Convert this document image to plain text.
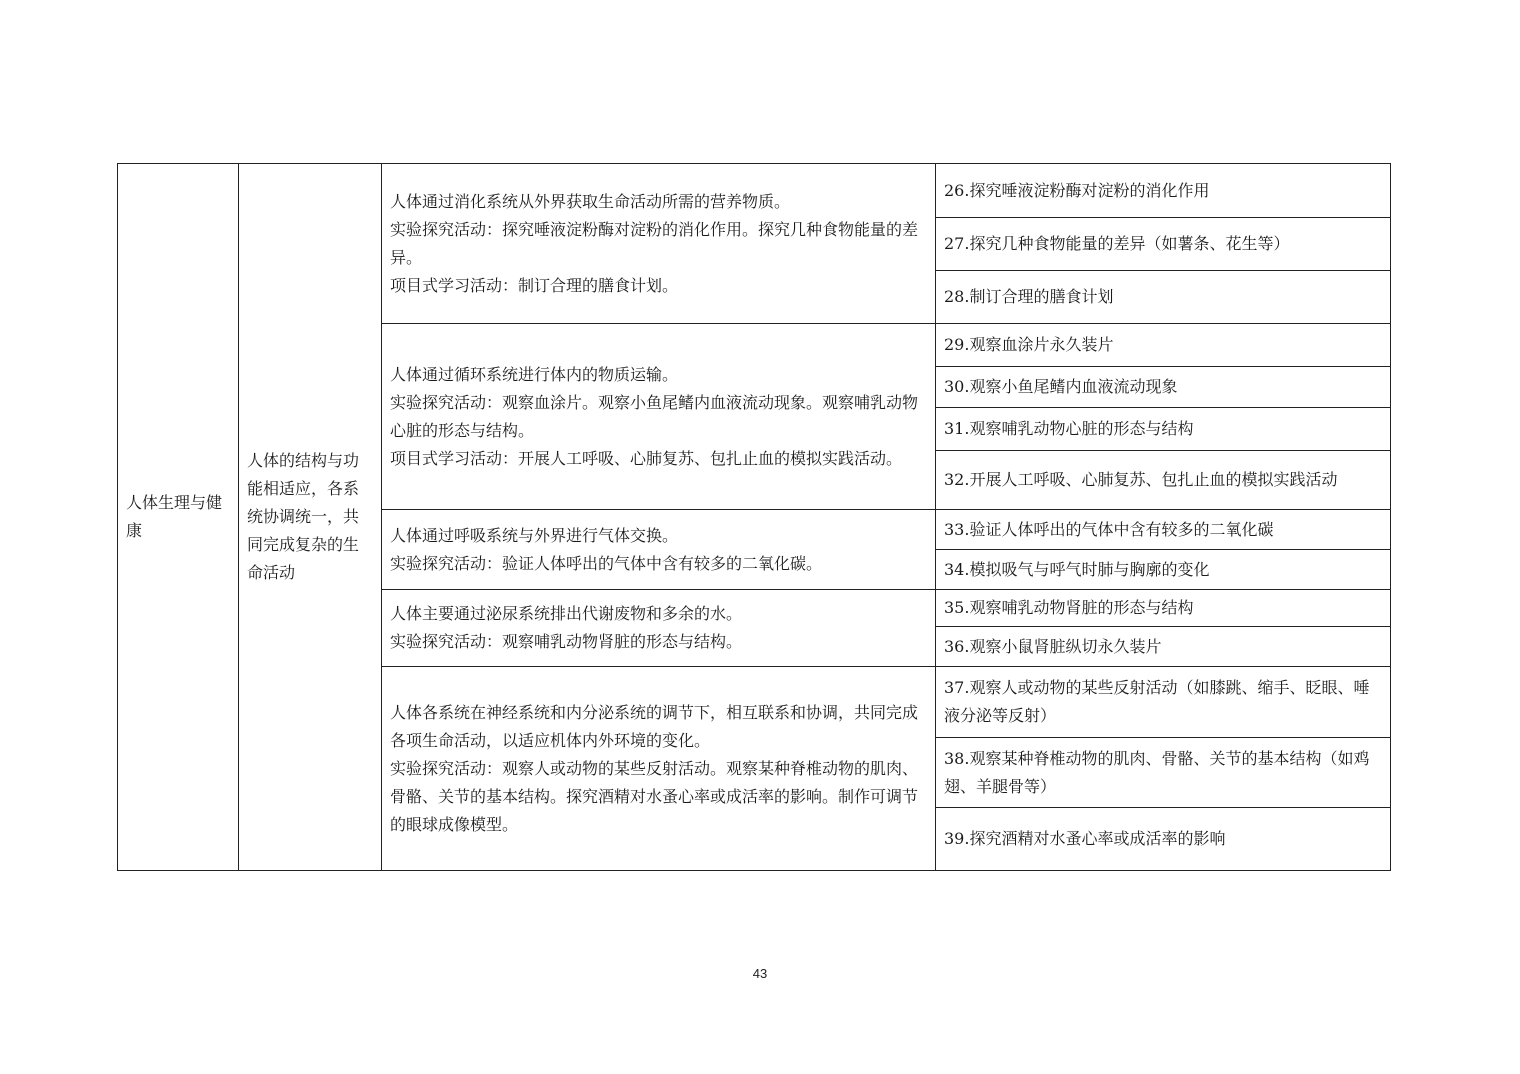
人体生理与健康	人体的结构与功能相适应，各系统协调统一，共同完成复杂的生命活动	人体通过消化系统从外界获取生命活动所需的营养物质。
实验探究活动：探究唾液淀粉酶对淀粉的消化作用。探究几种食物能量的差异。
项目式学习活动：制订合理的膳食计划。	26.探究唾液淀粉酶对淀粉的消化作用
			27.探究几种食物能量的差异（如薯条、花生等）
			28.制订合理的膳食计划

		人体通过循环系统进行体内的物质运输。
实验探究活动：观察血涂片。观察小鱼尾鳍内血液流动现象。观察哺乳动物心脏的形态与结构。
项目式学习活动：开展人工呼吸、心肺复苏、包扎止血的模拟实践活动。	29.观察血涂片永久装片
			30.观察小鱼尾鳍内血液流动现象
			31.观察哺乳动物心脏的形态与结构
			32.开展人工呼吸、心肺复苏、包扎止血的模拟实践活动

		人体通过呼吸系统与外界进行气体交换。
实验探究活动：验证人体呼出的气体中含有较多的二氧化碳。	33.验证人体呼出的气体中含有较多的二氧化碳
			34.模拟吸气与呼气时肺与胸廓的变化

		人体主要通过泌尿系统排出代谢废物和多余的水。
实验探究活动：观察哺乳动物肾脏的形态与结构。	35.观察哺乳动物肾脏的形态与结构
			36.观察小鼠肾脏纵切永久装片

		人体各系统在神经系统和内分泌系统的调节下，相互联系和协调，共同完成各项生命活动，以适应机体内外环境的变化。
实验探究活动：观察人或动物的某些反射活动。观察某种脊椎动物的肌肉、骨骼、关节的基本结构。探究酒精对水蚤心率或成活率的影响。制作可调节的眼球成像模型。	37.观察人或动物的某些反射活动（如膝跳、缩手、眨眼、唾液分泌等反射）
			38.观察某种脊椎动物的肌肉、骨骼、关节的基本结构（如鸡翅、羊腿骨等）
			39.探究酒精对水蚤心率或成活率的影响
43
